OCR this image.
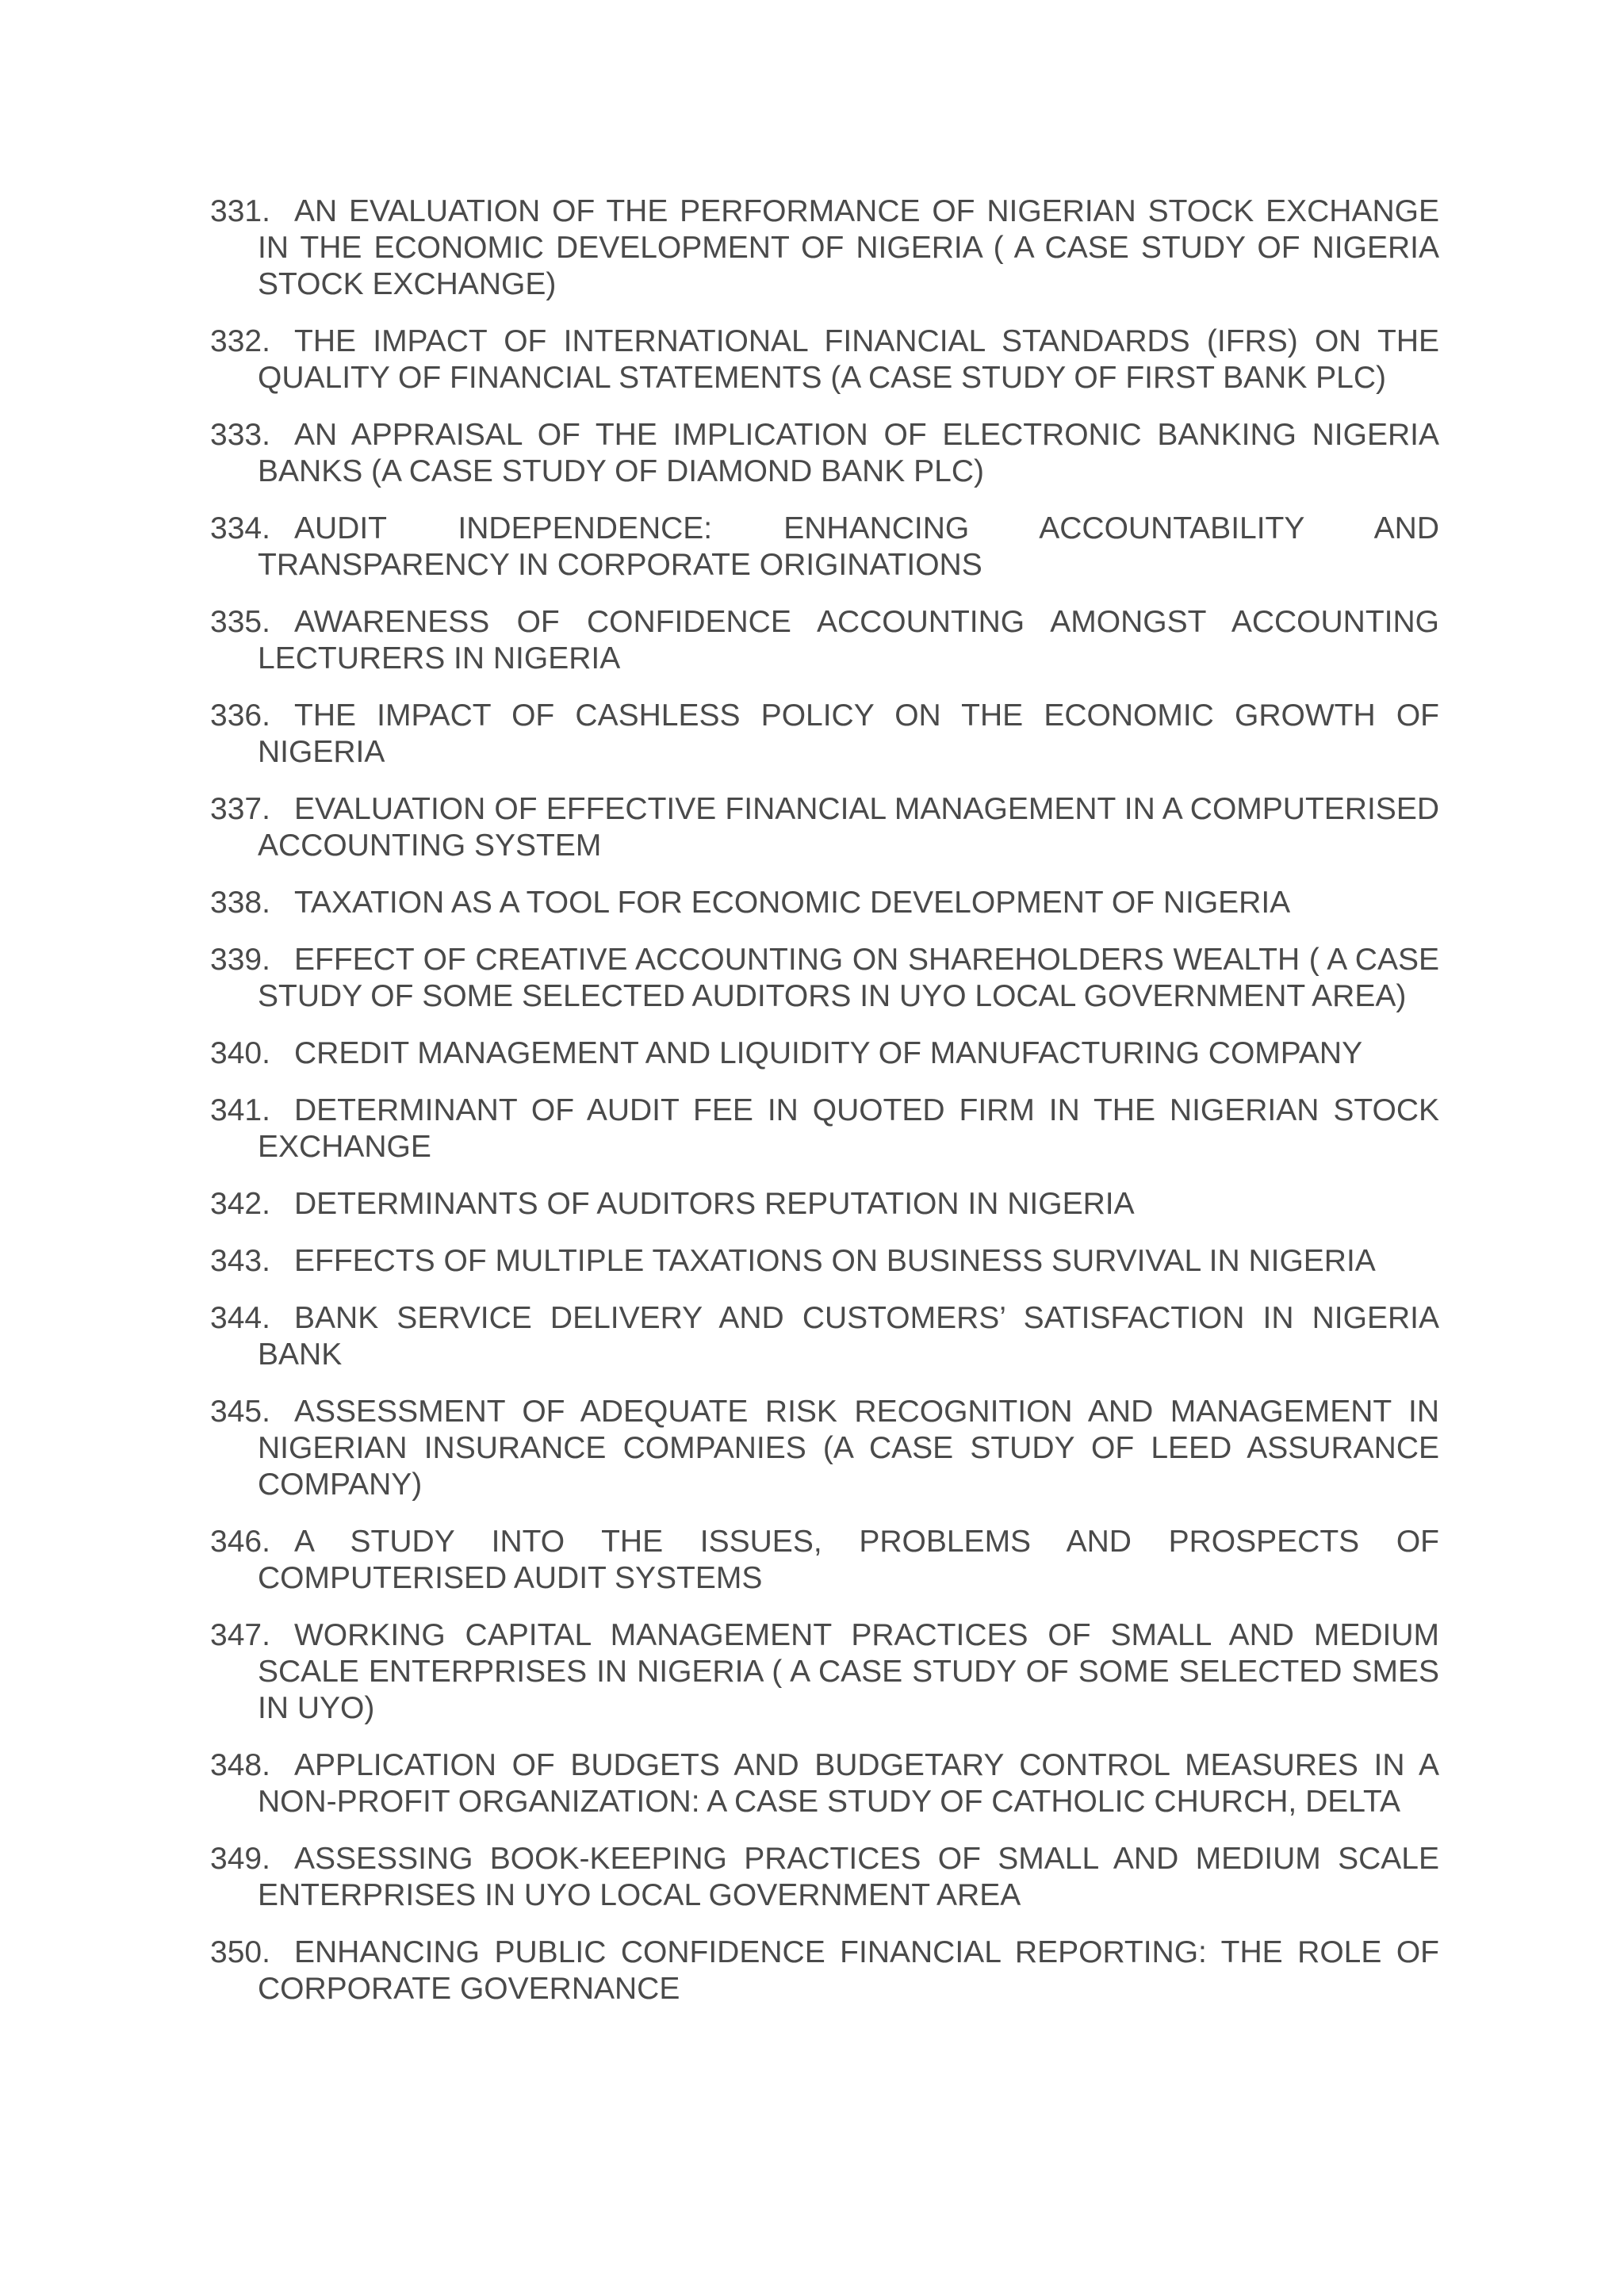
331. AN EVALUATION OF THE PERFORMANCE OF NIGERIAN STOCK EXCHANGE IN THE ECONOMIC DEVELOPMENT OF NIGERIA ( A CASE STUDY OF NIGERIA STOCK EXCHANGE)
332. THE IMPACT OF INTERNATIONAL FINANCIAL STANDARDS (IFRS) ON THE QUALITY OF FINANCIAL STATEMENTS (A CASE STUDY OF FIRST BANK PLC)
333. AN APPRAISAL OF THE IMPLICATION OF ELECTRONIC BANKING NIGERIA BANKS (A CASE STUDY OF DIAMOND BANK PLC)
334. AUDIT INDEPENDENCE: ENHANCING ACCOUNTABILITY AND TRANSPARENCY IN CORPORATE ORIGINATIONS
335. AWARENESS OF CONFIDENCE ACCOUNTING AMONGST ACCOUNTING LECTURERS IN NIGERIA
336. THE IMPACT OF CASHLESS POLICY ON THE ECONOMIC GROWTH OF NIGERIA
337. EVALUATION OF EFFECTIVE FINANCIAL MANAGEMENT IN A COMPUTERISED ACCOUNTING SYSTEM
338. TAXATION AS A TOOL FOR ECONOMIC DEVELOPMENT OF NIGERIA
339. EFFECT OF CREATIVE ACCOUNTING ON SHAREHOLDERS WEALTH ( A CASE STUDY OF SOME SELECTED AUDITORS IN UYO LOCAL GOVERNMENT AREA)
340. CREDIT MANAGEMENT AND LIQUIDITY OF MANUFACTURING COMPANY
341. DETERMINANT OF AUDIT FEE IN QUOTED FIRM IN THE NIGERIAN STOCK EXCHANGE
342. DETERMINANTS OF AUDITORS REPUTATION IN NIGERIA
343. EFFECTS OF MULTIPLE TAXATIONS ON BUSINESS SURVIVAL IN NIGERIA
344. BANK SERVICE DELIVERY AND CUSTOMERS’ SATISFACTION IN NIGERIA BANK
345. ASSESSMENT OF ADEQUATE RISK RECOGNITION AND MANAGEMENT IN NIGERIAN INSURANCE COMPANIES (A CASE STUDY OF LEED ASSURANCE COMPANY)
346. A STUDY INTO THE ISSUES, PROBLEMS AND PROSPECTS OF COMPUTERISED AUDIT SYSTEMS
347. WORKING CAPITAL MANAGEMENT PRACTICES OF SMALL AND MEDIUM SCALE ENTERPRISES IN NIGERIA ( A CASE STUDY OF SOME SELECTED SMES IN UYO)
348. APPLICATION OF BUDGETS AND BUDGETARY CONTROL MEASURES IN A NON-PROFIT ORGANIZATION: A CASE STUDY OF CATHOLIC CHURCH, DELTA
349. ASSESSING BOOK-KEEPING PRACTICES OF SMALL AND MEDIUM SCALE ENTERPRISES IN UYO LOCAL GOVERNMENT AREA
350. ENHANCING PUBLIC CONFIDENCE FINANCIAL REPORTING: THE ROLE OF CORPORATE GOVERNANCE
